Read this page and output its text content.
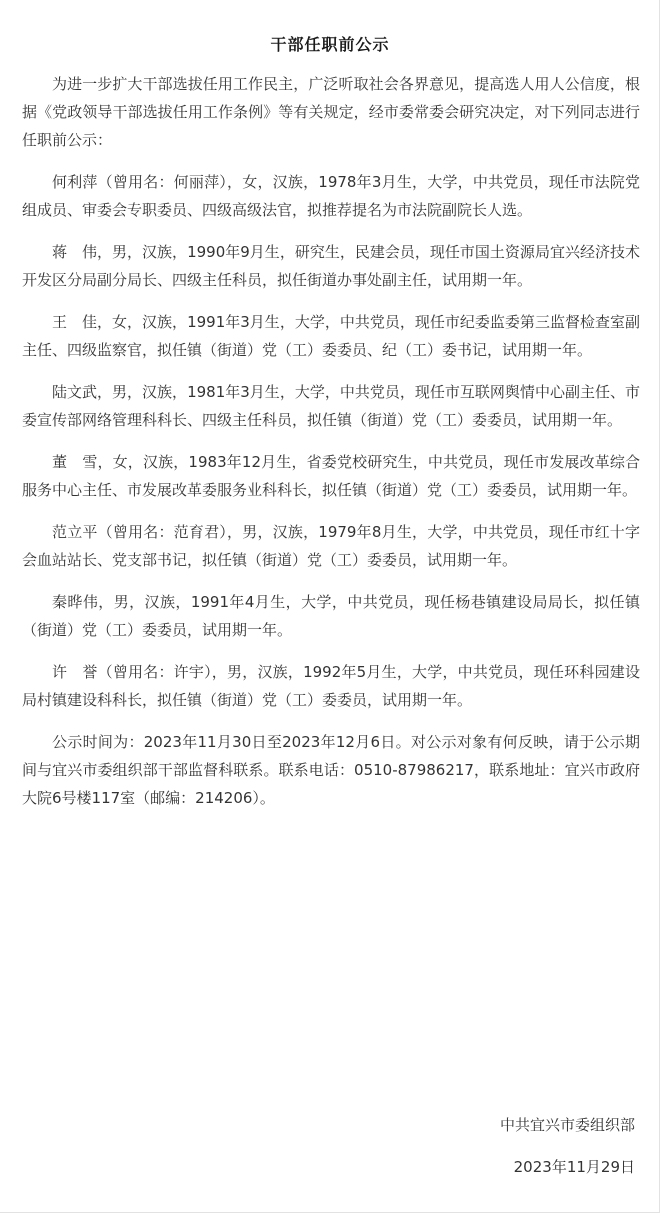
干部任职前公示

为进一步扩大干部选拔任用工作民主，广泛听取社会各界意见，提高选人用人公信度，根据《党政领导干部选拔任用工作条例》等有关规定，经市委常委会研究决定，对下列同志进行任职前公示：

何利萍（曾用名：何丽萍），女，汉族，1978年3月生，大学，中共党员，现任市法院党组成员、审委会专职委员、四级高级法官，拟推荐提名为市法院副院长人选。

蒋　伟，男，汉族，1990年9月生，研究生，民建会员，现任市国土资源局宜兴经济技术开发区分局副分局长、四级主任科员，拟任街道办事处副主任，试用期一年。

王　佳，女，汉族，1991年3月生，大学，中共党员，现任市纪委监委第三监督检查室副主任、四级监察官，拟任镇（街道）党（工）委委员、纪（工）委书记，试用期一年。

陆文武，男，汉族，1981年3月生，大学，中共党员，现任市互联网舆情中心副主任、市委宣传部网络管理科科长、四级主任科员，拟任镇（街道）党（工）委委员，试用期一年。

董　雪，女，汉族，1983年12月生，省委党校研究生，中共党员，现任市发展改革综合服务中心主任、市发展改革委服务业科科长，拟任镇（街道）党（工）委委员，试用期一年。

范立平（曾用名：范育君），男，汉族，1979年8月生，大学，中共党员，现任市红十字会血站站长、党支部书记，拟任镇（街道）党（工）委委员，试用期一年。

秦晔伟，男，汉族，1991年4月生，大学，中共党员，现任杨巷镇建设局局长，拟任镇（街道）党（工）委委员，试用期一年。

许　誉（曾用名：许宇），男，汉族，1992年5月生，大学，中共党员，现任环科园建设局村镇建设科科长，拟任镇（街道）党（工）委委员，试用期一年。

公示时间为：2023年11月30日至2023年12月6日。对公示对象有何反映，请于公示期间与宜兴市委组织部干部监督科联系。联系电话：0510-87986217，联系地址：宜兴市政府大院6号楼117室（邮编：214206）。

中共宜兴市委组织部
2023年11月29日
